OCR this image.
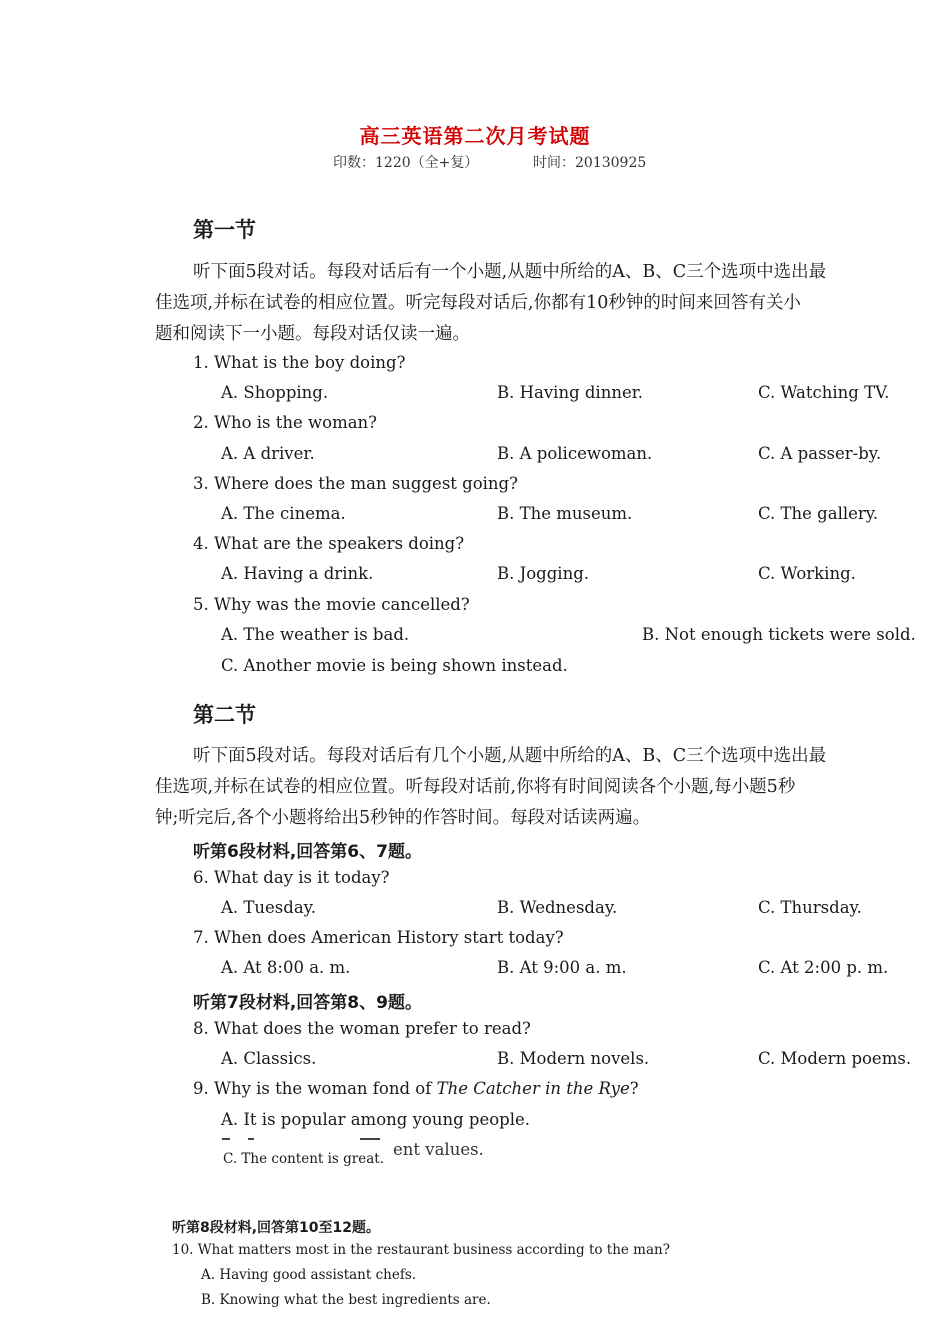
高三英语第二次月考试题
印数：1220（全+复）	时间：20130925
第一节
听下面5段对话。每段对话后有一个小题,从题中所给的A、B、C三个选项中选出最
佳选项,并标在试卷的相应位置。听完每段对话后,你都有10秒钟的时间来回答有关小
题和阅读下一小题。每段对话仅读一遍。
1. What is the boy doing?
A. Shopping.	B. Having dinner.	C. Watching TV.
2. Who is the woman?
A. A driver.	B. A policewoman.	C. A passer-by.
3. Where does the man suggest going?
A. The cinema.	B. The museum.	C. The gallery.
4. What are the speakers doing?
A. Having a drink.	B. Jogging.	C. Working.
5. Why was the movie cancelled?
A. The weather is bad.	B. Not enough tickets were sold.
C. Another movie is being shown instead.
第二节
听下面5段对话。每段对话后有几个小题,从题中所给的A、B、C三个选项中选出最
佳选项,并标在试卷的相应位置。听每段对话前,你将有时间阅读各个小题,每小题5秒
钟;听完后,各个小题将给出5秒钟的作答时间。每段对话读两遍。
听第6段材料,回答第6、7题。
6. What day is it today?
A. Tuesday.	B. Wednesday.	C. Thursday.
7. When does American History start today?
A. At 8:00 a. m.	B. At 9:00 a. m.	C. At 2:00 p. m.
听第7段材料,回答第8、9题。
8. What does the woman prefer to read?
A. Classics.	B. Modern novels.	C. Modern poems.
9. Why is the woman fond of The Catcher in the Rye?
A. It is popular among young people.
ent values.
C. The content is great.
听第8段材料,回答第10至12题。
10. What matters most in the restaurant business according to the man?
A. Having good assistant chefs.
B. Knowing what the best ingredients are.
